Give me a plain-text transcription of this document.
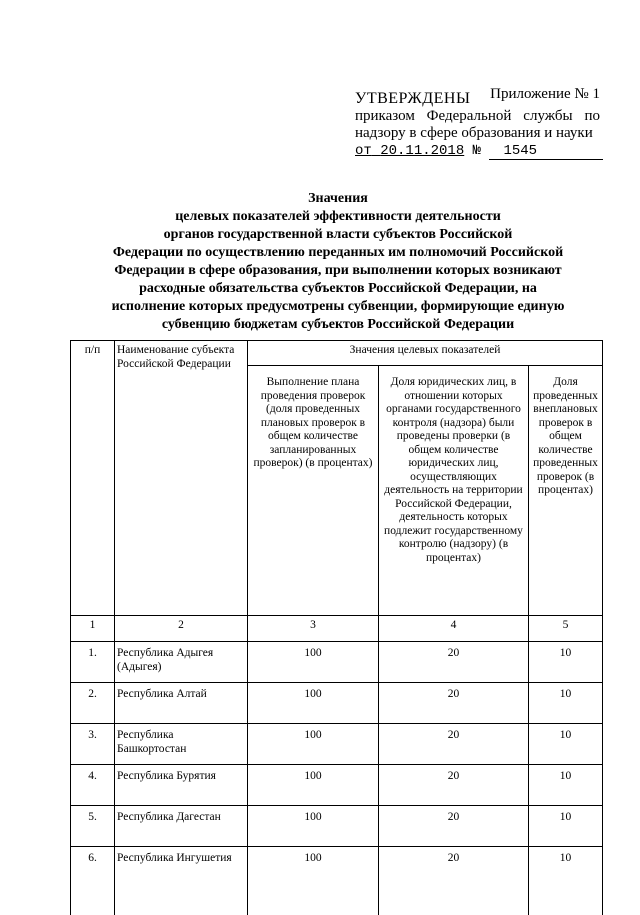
Приложение № 1
УТВЕРЖДЕНЫ
приказом Федеральной службы по
надзору в сфере образования и науки
от 20.11.2018 № 1545
Значения
целевых показателей эффективности деятельности
органов государственной власти субъектов Российской
Федерации по осуществлению переданных им полномочий Российской
Федерации в сфере образования, при выполнении которых возникают
расходные обязательства субъектов Российской Федерации, на
исполнение которых предусмотрены субвенции, формирующие единую
субвенцию бюджетам субъектов Российской Федерации
п/п	Наименование субъекта Российской Федерации	Значения целевых показателей		
		Выполнение плана проведения проверок (доля проведенных плановых проверок в общем количестве запланированных проверок) (в процентах)	Доля юридических лиц, в отношении которых органами государственного контроля (надзора) были проведены проверки (в общем количестве юридических лиц, осуществляющих деятельность на территории Российской Федерации, деятельность которых подлежит государственному контролю (надзору) (в процентах)	Доля проведенных внеплановых проверок в общем количестве проведенных проверок (в процентах)
1	2	3	4	5
1.	Республика Адыгея (Адыгея)	100	20	10
2.	Республика Алтай	100	20	10
3.	Республика Башкортостан	100	20	10
4.	Республика Бурятия	100	20	10
5.	Республика Дагестан	100	20	10
6.	Республика Ингушетия	100	20	10
